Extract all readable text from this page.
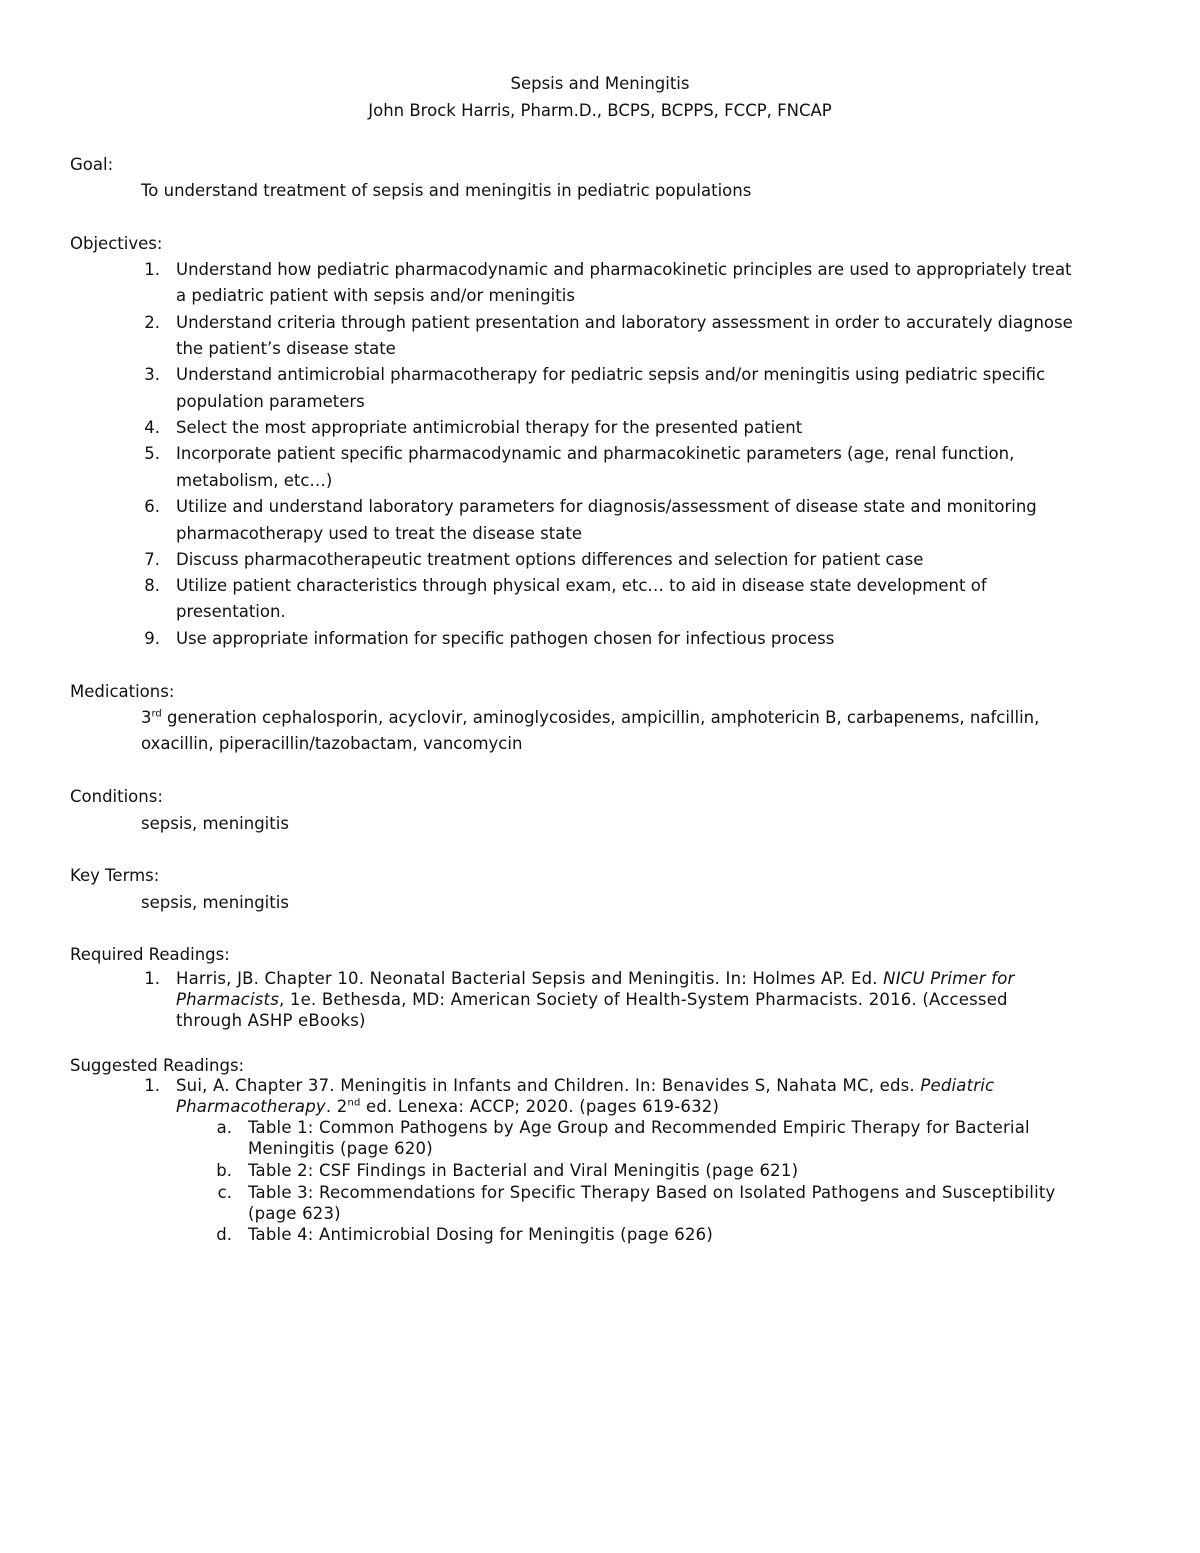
Sepsis and Meningitis
John Brock Harris, Pharm.D., BCPS, BCPPS, FCCP, FNCAP
Goal:
To understand treatment of sepsis and meningitis in pediatric populations
Objectives:
1. Understand how pediatric pharmacodynamic and pharmacokinetic principles are used to appropriately treat
a pediatric patient with sepsis and/or meningitis
2. Understand criteria through patient presentation and laboratory assessment in order to accurately diagnose
the patient’s disease state
3. Understand antimicrobial pharmacotherapy for pediatric sepsis and/or meningitis using pediatric specific
population parameters
4. Select the most appropriate antimicrobial therapy for the presented patient
5. Incorporate patient specific pharmacodynamic and pharmacokinetic parameters (age, renal function,
metabolism, etc…)
6. Utilize and understand laboratory parameters for diagnosis/assessment of disease state and monitoring
pharmacotherapy used to treat the disease state
7. Discuss pharmacotherapeutic treatment options differences and selection for patient case
8. Utilize patient characteristics through physical exam, etc… to aid in disease state development of
presentation.
9. Use appropriate information for specific pathogen chosen for infectious process
Medications:
3rd generation cephalosporin, acyclovir, aminoglycosides, ampicillin, amphotericin B, carbapenems, nafcillin,
oxacillin, piperacillin/tazobactam, vancomycin
Conditions:
sepsis, meningitis
Key Terms:
sepsis, meningitis
Required Readings:
1. Harris, JB. Chapter 10. Neonatal Bacterial Sepsis and Meningitis. In: Holmes AP. Ed. NICU Primer for
Pharmacists, 1e. Bethesda, MD: American Society of Health-System Pharmacists. 2016. (Accessed
through ASHP eBooks)
Suggested Readings:
1. Sui, A. Chapter 37. Meningitis in Infants and Children. In: Benavides S, Nahata MC, eds. Pediatric
Pharmacotherapy. 2nd ed. Lenexa: ACCP; 2020. (pages 619-632)
a. Table 1: Common Pathogens by Age Group and Recommended Empiric Therapy for Bacterial
Meningitis (page 620)
b. Table 2: CSF Findings in Bacterial and Viral Meningitis (page 621)
c. Table 3: Recommendations for Specific Therapy Based on Isolated Pathogens and Susceptibility
(page 623)
d. Table 4: Antimicrobial Dosing for Meningitis (page 626)
